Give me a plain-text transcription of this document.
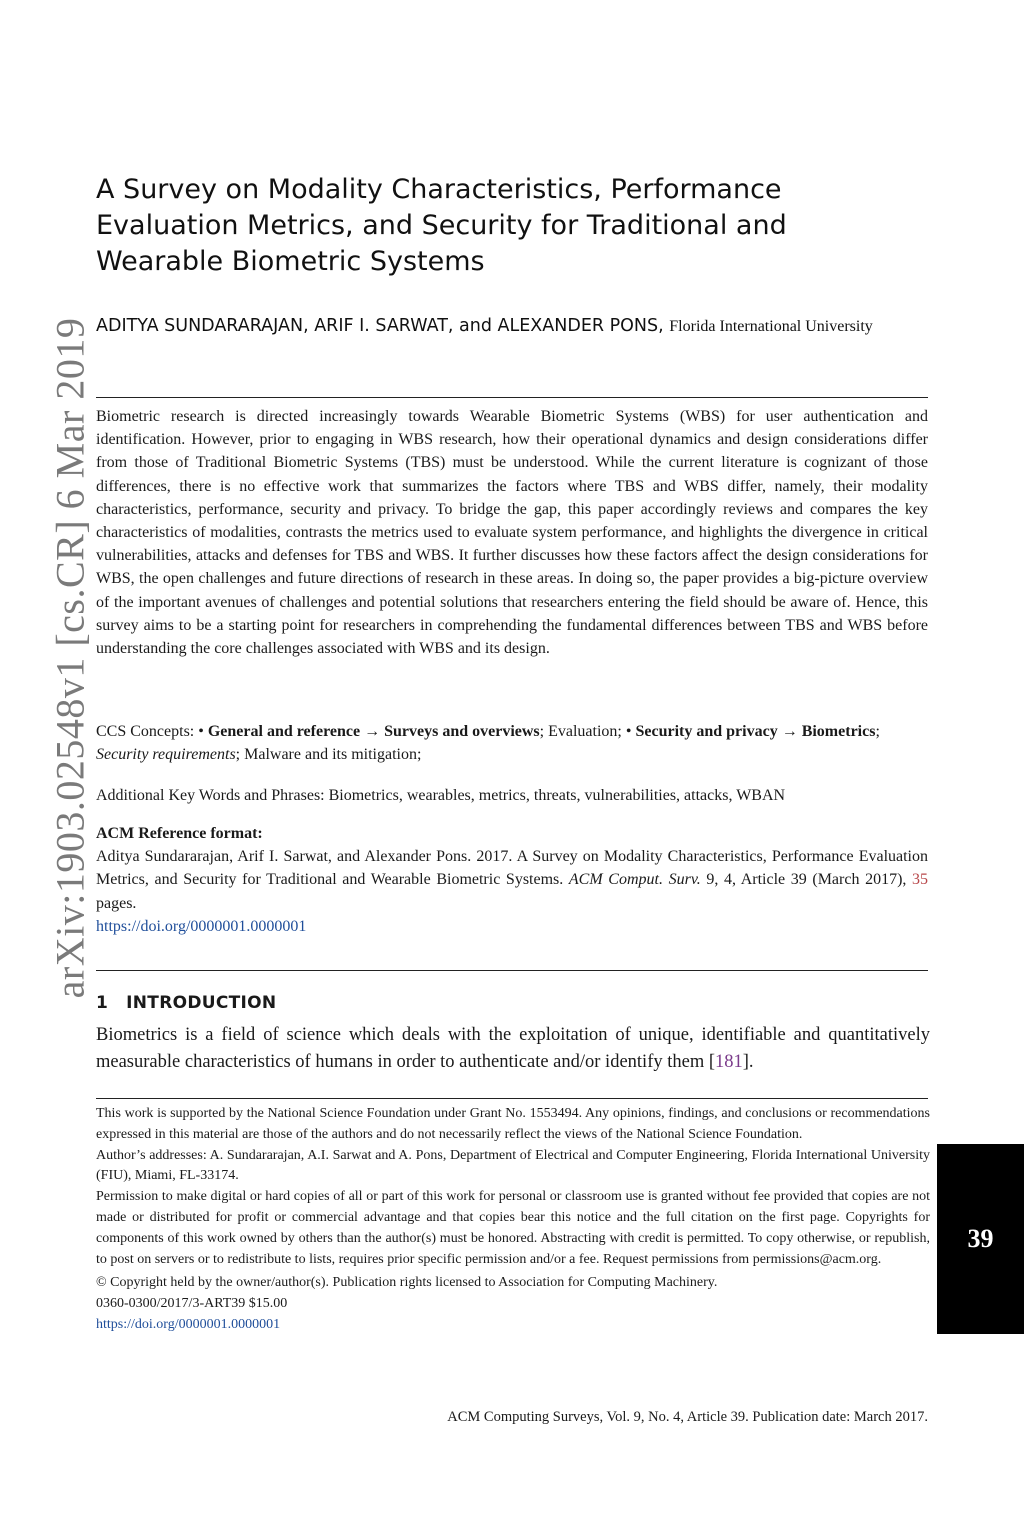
arXiv:1903.02548v1 [cs.CR] 6 Mar 2019
A Survey on Modality Characteristics, Performance Evaluation Metrics, and Security for Traditional and Wearable Biometric Systems
ADITYA SUNDARARAJAN, ARIF I. SARWAT, and ALEXANDER PONS, Florida International University

Biometric research is directed increasingly towards Wearable Biometric Systems (WBS) for user authentication and identification. However, prior to engaging in WBS research, how their operational dynamics and design considerations differ from those of Traditional Biometric Systems (TBS) must be understood. While the current literature is cognizant of those differences, there is no effective work that summarizes the factors where TBS and WBS differ, namely, their modality characteristics, performance, security and privacy. To bridge the gap, this paper accordingly reviews and compares the key characteristics of modalities, contrasts the metrics used to evaluate system performance, and highlights the divergence in critical vulnerabilities, attacks and defenses for TBS and WBS. It further discusses how these factors affect the design considerations for WBS, the open challenges and future directions of research in these areas. In doing so, the paper provides a big-picture overview of the important avenues of challenges and potential solutions that researchers entering the field should be aware of. Hence, this survey aims to be a starting point for researchers in comprehending the fundamental differences between TBS and WBS before understanding the core challenges associated with WBS and its design.

CCS Concepts: • General and reference → Surveys and overviews; Evaluation; • Security and privacy → Biometrics; Security requirements; Malware and its mitigation;

Additional Key Words and Phrases: Biometrics, wearables, metrics, threats, vulnerabilities, attacks, WBAN

ACM Reference format:
Aditya Sundararajan, Arif I. Sarwat, and Alexander Pons. 2017. A Survey on Modality Characteristics, Performance Evaluation Metrics, and Security for Traditional and Wearable Biometric Systems. ACM Comput. Surv. 9, 4, Article 39 (March 2017), 35 pages.
https://doi.org/0000001.0000001
1 INTRODUCTION

Biometrics is a field of science which deals with the exploitation of unique, identifiable and quantitatively measurable characteristics of humans in order to authenticate and/or identify them [181].

This work is supported by the National Science Foundation under Grant No. 1553494. Any opinions, findings, and conclusions or recommendations expressed in this material are those of the authors and do not necessarily reflect the views of the National Science Foundation.

Author’s addresses: A. Sundararajan, A.I. Sarwat and A. Pons, Department of Electrical and Computer Engineering, Florida International University (FIU), Miami, FL-33174.

Permission to make digital or hard copies of all or part of this work for personal or classroom use is granted without fee provided that copies are not made or distributed for profit or commercial advantage and that copies bear this notice and the full citation on the first page. Copyrights for components of this work owned by others than the author(s) must be honored. Abstracting with credit is permitted. To copy otherwise, or republish, to post on servers or to redistribute to lists, requires prior specific permission and/or a fee. Request permissions from permissions@acm.org.

© Copyright held by the owner/author(s). Publication rights licensed to Association for Computing Machinery.

0360-0300/2017/3-ART39 $15.00

https://doi.org/0000001.0000001

39
ACM Computing Surveys, Vol. 9, No. 4, Article 39. Publication date: March 2017.
